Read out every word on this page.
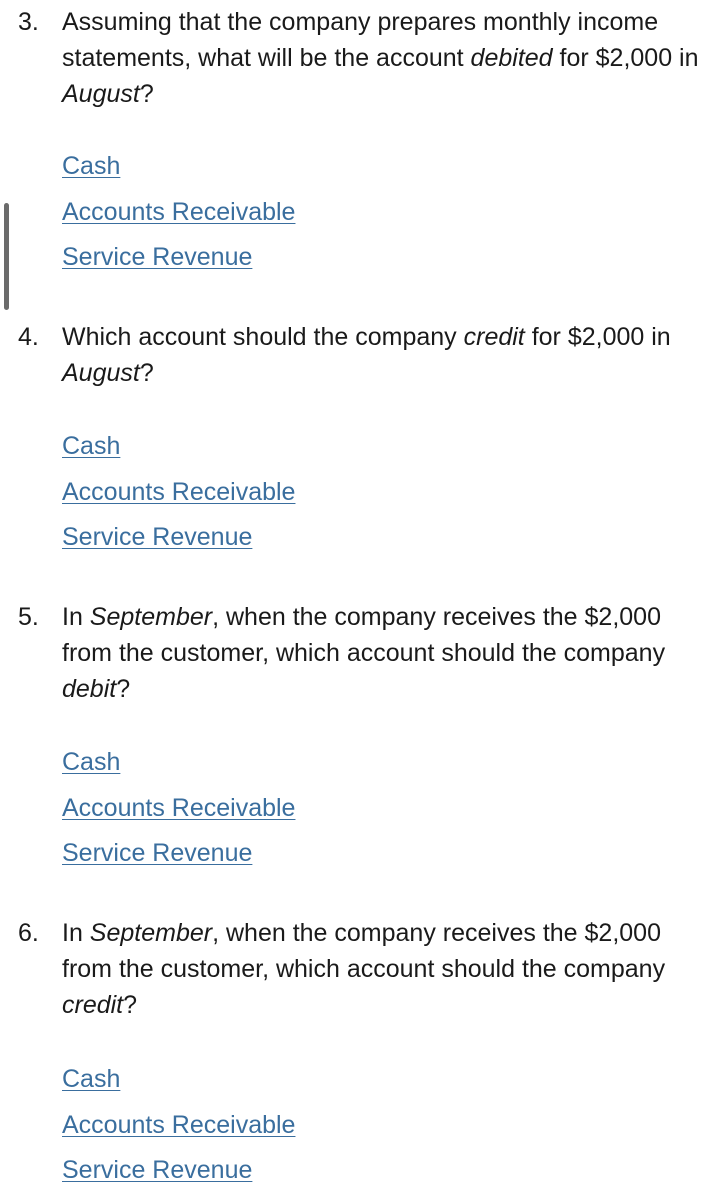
3. Assuming that the company prepares monthly income statements, what will be the account debited for $2,000 in August?
Cash
Accounts Receivable
Service Revenue
4. Which account should the company credit for $2,000 in August?
Cash
Accounts Receivable
Service Revenue
5. In September, when the company receives the $2,000 from the customer, which account should the company debit?
Cash
Accounts Receivable
Service Revenue
6. In September, when the company receives the $2,000 from the customer, which account should the company credit?
Cash
Accounts Receivable
Service Revenue
